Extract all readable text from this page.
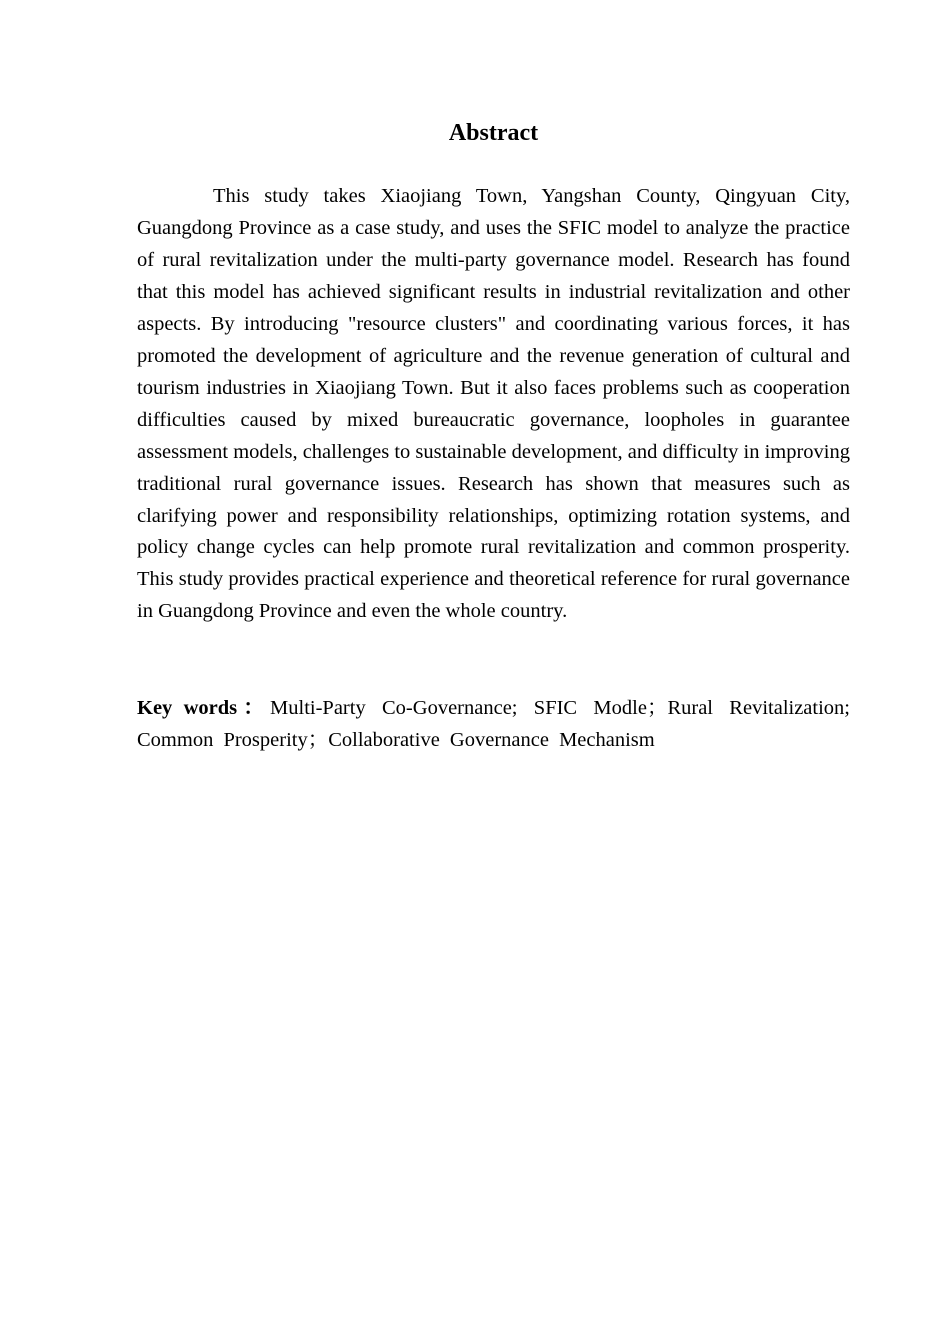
Abstract

This study takes Xiaojiang Town, Yangshan County, Qingyuan City, Guangdong Province as a case study, and uses the SFIC model to analyze the practice of rural revitalization under the multi-party governance model. Research has found that this model has achieved significant results in industrial revitalization and other aspects. By introducing "resource clusters" and coordinating various forces, it has promoted the development of agriculture and the revenue generation of cultural and tourism industries in Xiaojiang Town. But it also faces problems such as cooperation difficulties caused by mixed bureaucratic governance, loopholes in guarantee assessment models, challenges to sustainable development, and difficulty in improving traditional rural governance issues. Research has shown that measures such as clarifying power and responsibility relationships, optimizing rotation systems, and policy change cycles can help promote rural revitalization and common prosperity. This study provides practical experience and theoretical reference for rural governance in Guangdong Province and even the whole country.

Key words：Multi-Party Co-Governance; SFIC Modle；Rural Revitalization; Common Prosperity；Collaborative Governance Mechanism
